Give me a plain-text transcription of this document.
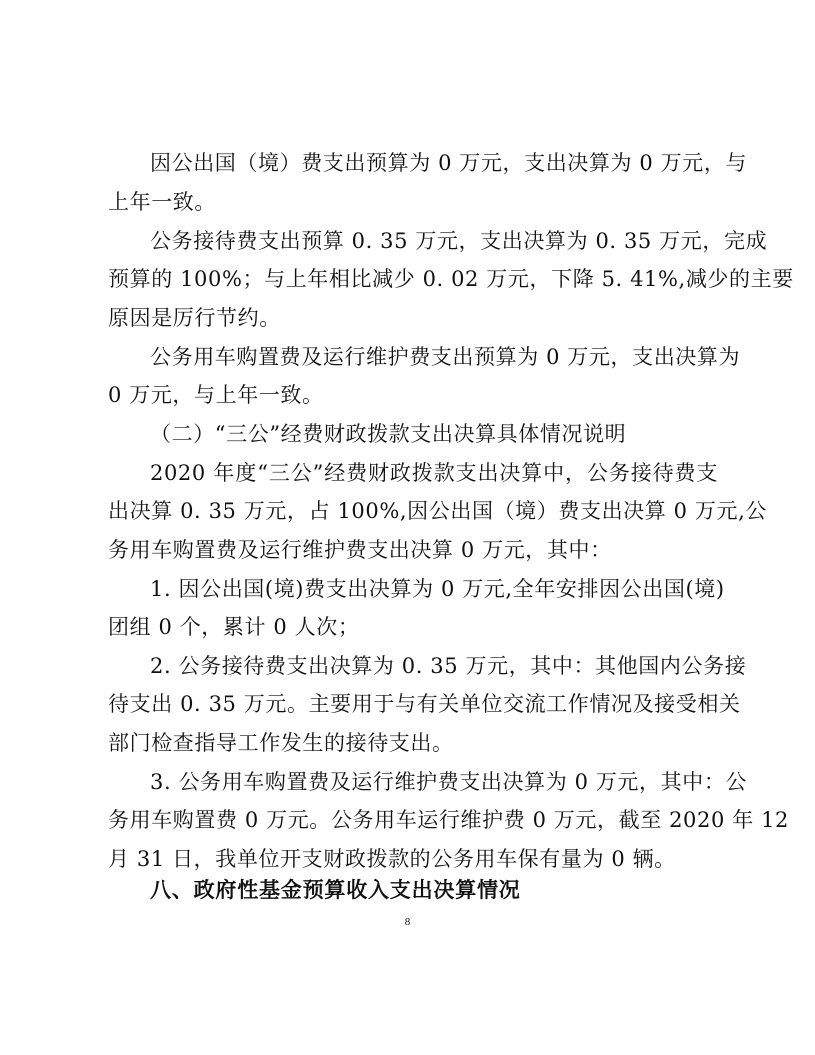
因公出国（境）费支出预算为 0 万元，支出决算为 0 万元，与
上年一致。
公务接待费支出预算 0. 35 万元，支出决算为 0. 35 万元，完成
预算的 100%；与上年相比减少 0. 02 万元，下降 5. 41%,减少的主要
原因是厉行节约。
公务用车购置费及运行维护费支出预算为 0 万元，支出决算为
0 万元，与上年一致。
（二）“三公”经费财政拨款支出决算具体情况说明
2020 年度“三公”经费财政拨款支出决算中，公务接待费支
出决算 0. 35 万元，占 100%,因公出国（境）费支出决算 0 万元,公
务用车购置费及运行维护费支出决算 0 万元，其中：
1. 因公出国(境)费支出决算为 0 万元,全年安排因公出国(境)
团组 0 个，累计 0 人次；
2. 公务接待费支出决算为 0. 35 万元，其中：其他国内公务接
待支出 0. 35 万元。主要用于与有关单位交流工作情况及接受相关
部门检查指导工作发生的接待支出。
3. 公务用车购置费及运行维护费支出决算为 0 万元，其中：公
务用车购置费 0 万元。公务用车运行维护费 0 万元，截至 2020 年 12
月 31 日，我单位开支财政拨款的公务用车保有量为 0 辆。
八、政府性基金预算收入支出决算情况
8
